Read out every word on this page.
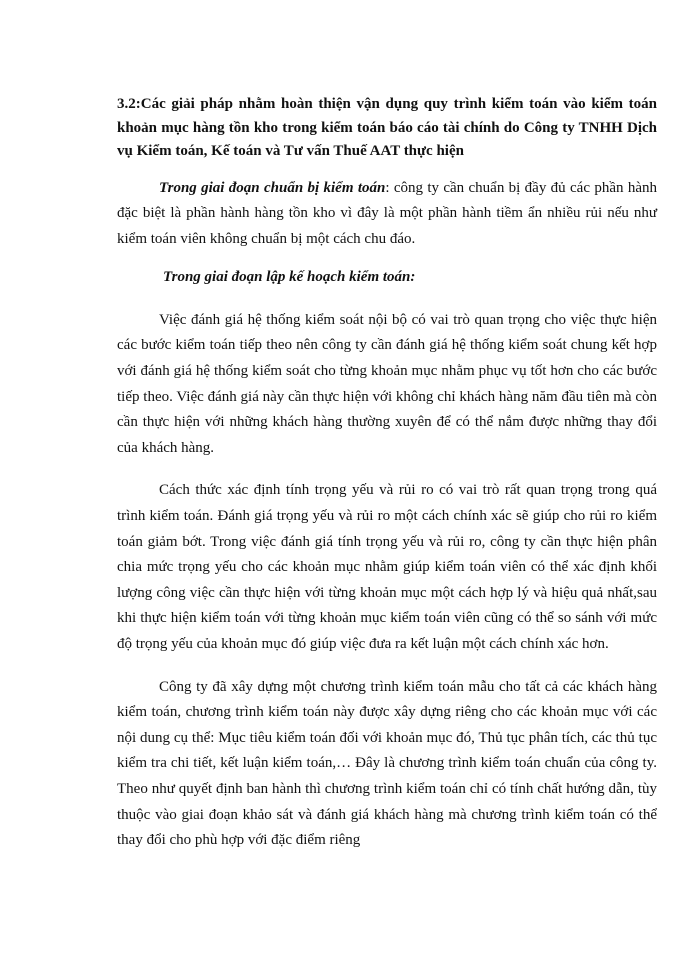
3.2:Các giải pháp nhằm hoàn thiện vận dụng quy trình kiểm toán vào kiểm toán khoản mục hàng tồn kho trong kiểm toán báo cáo tài chính do Công ty TNHH Dịch vụ Kiểm toán, Kế toán và Tư vấn Thuế AAT thực hiện

Trong giai đoạn chuẩn bị kiểm toán: công ty cần chuẩn bị đầy đủ các phần hành đặc biệt là phần hành hàng tồn kho vì đây là một phần hành tiềm ẩn nhiều rủi nếu như kiểm toán viên không chuẩn bị một cách chu đáo.

Trong giai đoạn lập kế hoạch kiểm toán:

Việc đánh giá hệ thống kiểm soát nội bộ có vai trò quan trọng cho việc thực hiện các bước kiểm toán tiếp theo nên công ty cần đánh giá hệ thống kiểm soát chung kết hợp với đánh giá hệ thống kiểm soát cho từng khoản mục nhằm phục vụ tốt hơn cho các bước tiếp theo. Việc đánh giá này cần thực hiện với không chỉ khách hàng năm đầu tiên mà còn cần thực hiện với những khách hàng thường xuyên để có thể nắm được những thay đổi của khách hàng.

Cách thức xác định tính trọng yếu và rủi ro có vai trò rất quan trọng trong quá trình kiểm toán. Đánh giá trọng yếu và rủi ro một cách chính xác sẽ giúp cho rủi ro kiểm toán giảm bớt. Trong việc đánh giá tính trọng yếu và rủi ro, công ty cần thực hiện phân chia mức trọng yếu cho các khoản mục nhằm giúp kiểm toán viên có thể xác định khối lượng công việc cần thực hiện với từng khoản mục một cách hợp lý và hiệu quả nhất,sau khi thực hiện kiểm toán với từng khoản mục kiểm toán viên cũng có thể so sánh với mức độ trọng yếu của khoản mục đó giúp việc đưa ra kết luận một cách chính xác hơn.

Công ty đã xây dựng một chương trình kiểm toán mẫu cho tất cả các khách hàng kiểm toán, chương trình kiểm toán này được xây dựng riêng cho các khoản mục với các nội dung cụ thể: Mục tiêu kiểm toán đối với khoản mục đó, Thủ tục phân tích, các thủ tục kiểm tra chi tiết, kết luận kiểm toán,… Đây là chương trình kiểm toán chuẩn của công ty. Theo như quyết định ban hành thì chương trình kiểm toán chỉ có tính chất hướng dẫn, tùy thuộc vào giai đoạn khảo sát và đánh giá khách hàng mà chương trình kiểm toán có thể thay đổi cho phù hợp với đặc điểm riêng
